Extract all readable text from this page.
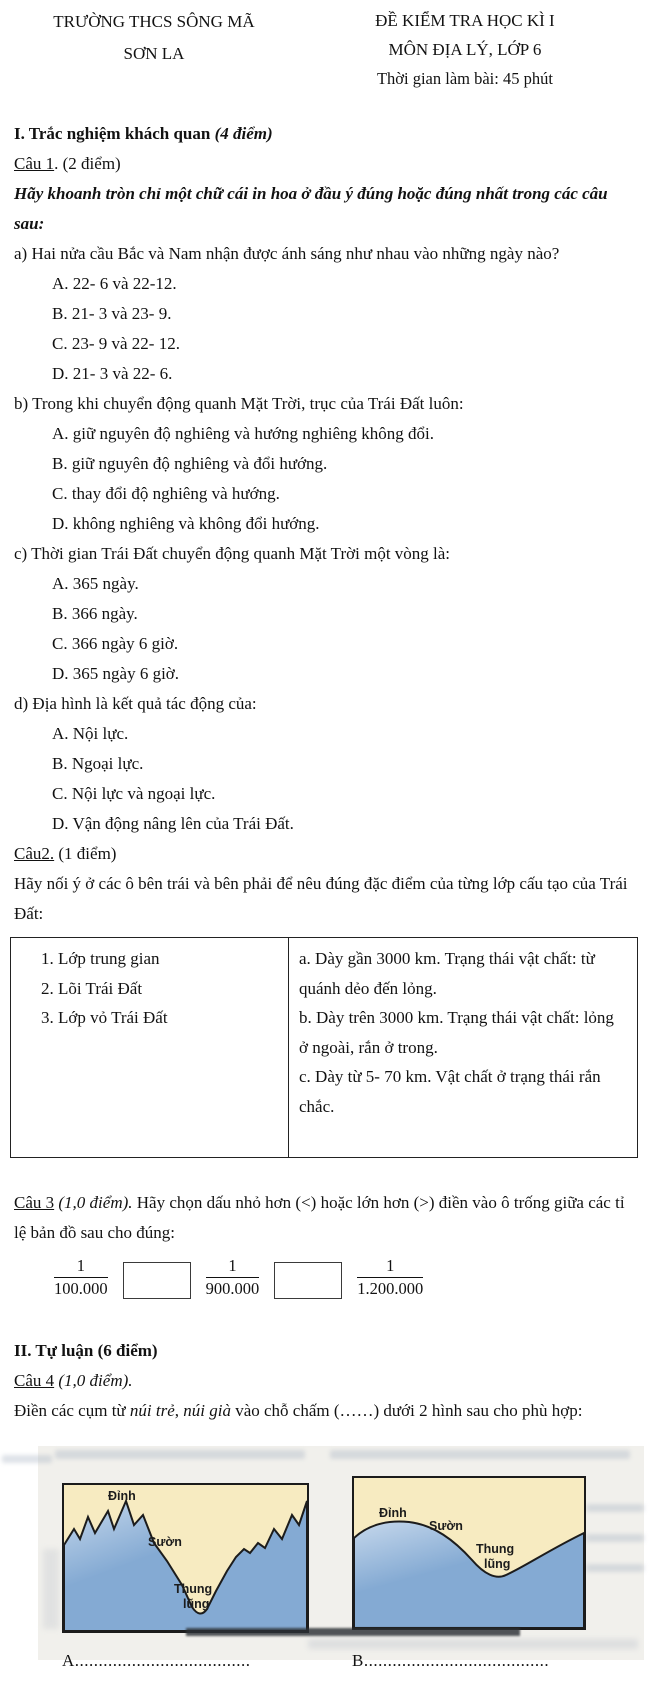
TRƯỜNG THCS SÔNG MÃ
SƠN LA
ĐỀ KIỂM TRA HỌC KÌ I
MÔN ĐỊA LÝ, LỚP 6
Thời gian làm bài: 45 phút

I. Trắc nghiệm khách quan (4 điểm)

Câu 1. (2 điểm)

Hãy khoanh tròn chỉ một chữ cái in hoa ở đầu ý đúng hoặc đúng nhất trong các câu sau:

a) Hai nửa cầu Bắc và Nam nhận được ánh sáng như nhau vào những ngày nào?

A. 22- 6 và 22-12.

B. 21- 3 và 23- 9.

C. 23- 9 và 22- 12.

D. 21- 3 và 22- 6.

b) Trong khi chuyển động quanh Mặt Trời, trục của Trái Đất luôn:

A. giữ nguyên độ nghiêng và hướng nghiêng không đổi.

B. giữ nguyên độ nghiêng và đổi hướng.

C. thay đổi độ nghiêng và hướng.

D. không nghiêng và không đổi hướng.

c) Thời gian Trái Đất chuyển động quanh Mặt Trời một vòng là:

A. 365 ngày.

B. 366 ngày.

C. 366 ngày 6 giờ.

D. 365 ngày 6 giờ.

d) Địa hình là kết quả tác động của:

A. Nội lực.

B. Ngoại lực.

C. Nội lực và ngoại lực.

D. Vận động nâng lên của Trái Đất.

Câu2. (1 điểm)

Hãy nối ý ở các ô bên trái và bên phải để nêu đúng đặc điểm của từng lớp cấu tạo của Trái Đất:

1. Lớp trung gian
2. Lõi Trái Đất
3. Lớp vỏ Trái Đất

a. Dày gần 3000 km. Trạng thái vật chất: từ quánh dẻo đến lỏng.
b. Dày trên 3000 km. Trạng thái vật chất: lỏng ở ngoài, rắn ở trong.
c. Dày từ 5- 70 km. Vật chất ở trạng thái rắn chắc.

Câu 3 (1,0 điểm). Hãy chọn dấu nhỏ hơn (<) hoặc lớn hơn (>) điền vào ô trống giữa các tỉ lệ bản đồ sau cho đúng:

$\frac{1}{100.000}$	$\frac{1}{900.000}$	$\frac{1}{1.200.000}$

II. Tự luận (6 điểm)

Câu 4 (1,0 điểm).

Điền các cụm từ núi trẻ, núi già vào chỗ chấm (……) dưới 2 hình sau cho phù hợp:

Đỉnh
Sườn
Thung
lũng
Đỉnh
Sườn
Thung
lũng
A.....................................	B.......................................
